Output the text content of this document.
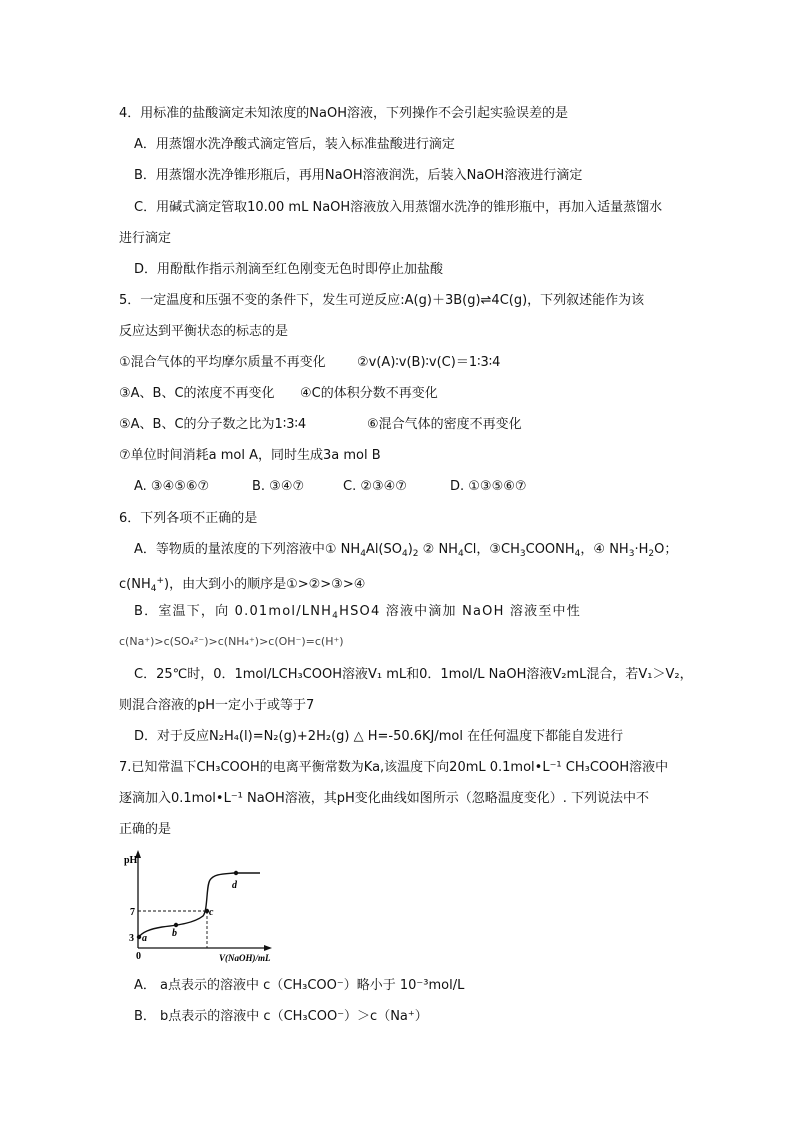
4．用标准的盐酸滴定未知浓度的NaOH溶液，下列操作不会引起实验误差的是
A．用蒸馏水洗净酸式滴定管后，装入标准盐酸进行滴定
B．用蒸馏水洗净锥形瓶后，再用NaOH溶液润洗，后装入NaOH溶液进行滴定
C．用碱式滴定管取10.00 mL NaOH溶液放入用蒸馏水洗净的锥形瓶中，再加入适量蒸馏水
进行滴定
D．用酚酞作指示剂滴至红色刚变无色时即停止加盐酸
5．一定温度和压强不变的条件下，发生可逆反应:A(g)＋3B(g)⇌4C(g)，下列叙述能作为该
反应达到平衡状态的标志的是
①混合气体的平均摩尔质量不再变化 ②v(A)∶v(B)∶v(C)＝1∶3∶4
③A、B、C的浓度不再变化 ④C的体积分数不再变化
⑤A、B、C的分子数之比为1∶3∶4	⑥混合气体的密度不再变化
⑦单位时间消耗a mol A，同时生成3a mol B
A. ③④⑤⑥⑦	B. ③④⑦	C. ②③④⑦	D. ①③⑤⑥⑦
6．下列各项不正确的是
A．等物质的量浓度的下列溶液中① $NH_4Al(SO_4)_2$ ② $NH_4Cl$，$③CH_3COONH_4$，④ $NH_3\cdot H_2O$；
$c(NH_4^+)$，由大到小的顺序是①>②>③>④
B．室温下，向 $0.01mol/LNH_4HSO4$ 溶液中滴加 NaOH 溶液至中性
c(Na⁺)>c(SO₄²⁻)>c(NH₄⁺)>c(OH⁻)=c(H⁺)
C．25℃时，0．1mol/LCH₃COOH溶液V₁ mL和0．1mol/L NaOH溶液V₂mL混合，若V₁＞V₂，
则混合溶液的pH一定小于或等于7
D．对于反应N₂H₄(l)=N₂(g)+2H₂(g) △ H=-50.6KJ/mol 在任何温度下都能自发进行
7.已知常温下CH₃COOH的电离平衡常数为Ka,该温度下向20mL 0.1mol•L⁻¹ CH₃COOH溶液中
逐滴加入0.1mol•L⁻¹ NaOH溶液，其pH变化曲线如图所示（忽略温度变化）. 下列说法中不
正确的是
pH
7
3
0	V(NaOH)/mL
a	b
c
d
A． a点表示的溶液中 c（CH₃COO⁻）略小于 10⁻³mol/L
B． b点表示的溶液中 c（CH₃COO⁻）＞c（Na⁺）
